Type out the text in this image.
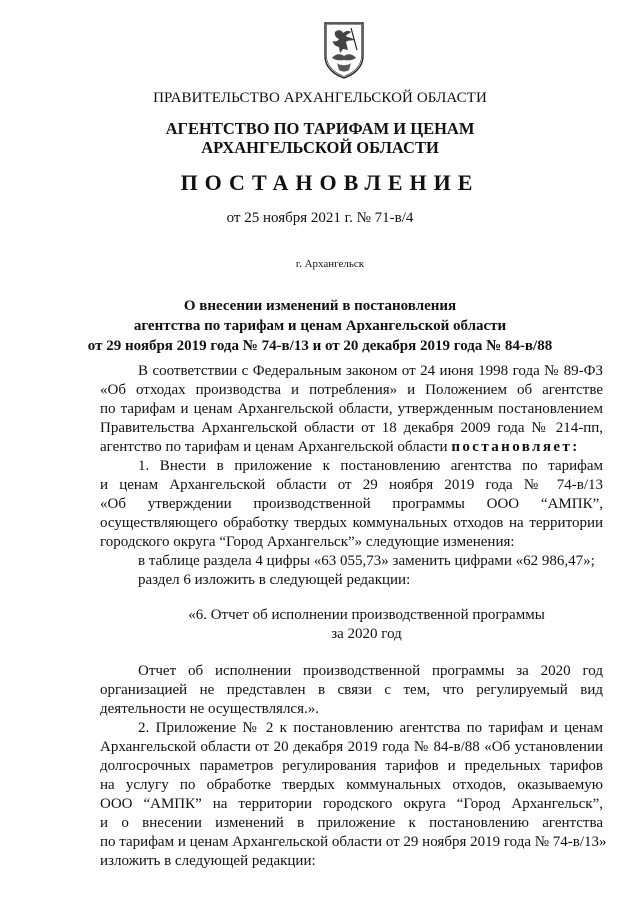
ПРАВИТЕЛЬСТВО АРХАНГЕЛЬСКОЙ ОБЛАСТИ
АГЕНТСТВО ПО ТАРИФАМ И ЦЕНАМ
АРХАНГЕЛЬСКОЙ ОБЛАСТИ
ПОСТАНОВЛЕНИЕ
от 25 ноября 2021 г. № 71-в/4
г. Архангельск
О внесении изменений в постановления
агентства по тарифам и ценам Архангельской области
от 29 ноября 2019 года № 74-в/13 и от 20 декабря 2019 года № 84-в/88

В соответствии с Федеральным законом от 24 июня 1998 года № 89-ФЗ
«Об отходах производства и потребления» и Положением об агентстве
по тарифам и ценам Архангельской области, утвержденным постановлением
Правительства Архангельской области от 18 декабря 2009 года № 214-пп,
агентство по тарифам и ценам Архангельской области постановляет:

1. Внести в приложение к постановлению агентства по тарифам
и ценам Архангельской области от 29 ноября 2019 года № 74-в/13
«Об утверждении производственной программы ООО “АМПК”,
осуществляющего обработку твердых коммунальных отходов на территории
городского округа “Город Архангельск”» следующие изменения:

в таблице раздела 4 цифры «63 055,73» заменить цифрами «62 986,47»;

раздел 6 изложить в следующей редакции:

«6. Отчет об исполнении производственной программы
за 2020 год

Отчет об исполнении производственной программы за 2020 год
организацией не представлен в связи с тем, что регулируемый вид
деятельности не осуществлялся.».

2. Приложение № 2 к постановлению агентства по тарифам и ценам
Архангельской области от 20 декабря 2019 года № 84-в/88 «Об установлении
долгосрочных параметров регулирования тарифов и предельных тарифов
на услугу по обработке твердых коммунальных отходов, оказываемую
ООО “АМПК” на территории городского округа “Город Архангельск”,
и о внесении изменений в приложение к постановлению агентства
по тарифам и ценам Архангельской области от 29 ноября 2019 года № 74-в/13»
изложить в следующей редакции:
